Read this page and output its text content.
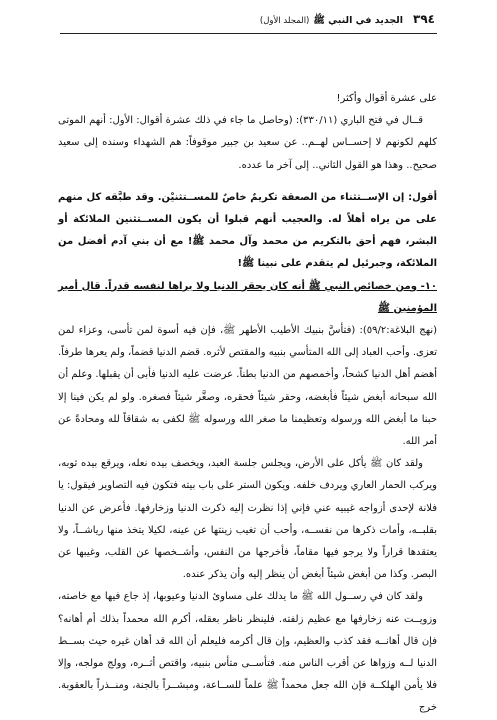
٣٩٤
الجديد في النبي ﷺ
(المجلد الأول)

على عشرة أقوال وأكثر!

قــال في فتح الباري (٣٣٠/١١): (وحاصل ما جاء في ذلك عشرة أقوال: الأول: أنهم الموتى كلهم لكونهم لا إحســاس لهــم.. عن سعيد بن جبير موقوفاً: هم الشهداء وسنده إلى سعيد صحيح.. وهذا هو القول الثاني.. إلى آخر ما عدده.

أقول: إن الإســتثناء من الصعقة تكريمٌ خاصٌ للمســتثنيْن. وقد طبَّقه كل منهم على من يراه أهلاً له. والعجيب أنهم قبلوا أن يكون المســتثنين الملائكة أو البشر، فهم أحق بالتكريم من محمد وآل محمد ﷺ! مع أن بني آدم أفضل من الملائكة، وجبرئيل لم يتقدم على نبينا ﷺ!

١٠- ومن خصائص النبي ﷺ أنه كان يحقر الدنيا ولا يراها لنفسه قدراً. قال أمير المؤمنين ﷺ

(نهج البلاغة:٥٩/٢): (فتأسَّ بنبيك الأطيب الأطهر ﷺ، فإن فيه أسوة لمن تأسى، وعزاء لمن تعزى. وأحب العباد إلى الله المتأسي بنبيه والمقتص لأثره. قضم الدنيا قضماً، ولم يعرها طرفاً. أهضم أهل الدنيا كشحاً، وأخمصهم من الدنيا بطناً. عرضت عليه الدنيا فأبى أن يقبلها. وعلم أن الله سبحانه أبغض شيئاً فأبغضه، وحقر شيئاً فحقره، وصغَّر شيئاً فصغره. ولو لم يكن فينا إلا حبنا ما أبغض الله ورسوله وتعظيمنا ما صغر الله ورسوله ﷺ لكفى به شقاقاً لله ومحادةً عن أمر الله.

ولقد كان ﷺ يأكل على الأرض، ويجلس جلسة العبد، ويخصف بيده نعله، ويرقع بيده ثوبه، ويركب الحمار العاري ويردف خلفه. ويكون الستر على باب بيته فتكون فيه التصاوير فيقول: يا فلانة لإحدى أزواجه غيبيه عني فإني إذا نظرت إليه ذكرت الدنيا وزخارفها. فأعرض عن الدنيا بقلبــه، وأمات ذكرها من نفســه، وأحب أن تغيب زينتها عن عينه، لكيلا يتخذ منها رياشــاً، ولا يعتقدها قراراً ولا يرجو فيها مقاماً، فأخرجها من النفس، وأشــخصها عن القلب، وغيبها عن البصر. وكذا من أبغض شيئاً أبغض أن ينظر إليه وأن يذكر عنده.

ولقد كان في رســول الله ﷺ ما يدلك على مساوئ الدنيا وعيوبها، إذ جاع فيها مع خاصته، وزويــت عنه زخارفها مع عظيم زلفته. فلينظر ناظر بعقله، أكرم الله محمداً بذلك أم أهانه؟ فإن قال أهانــه فقد كذب والعظيم، وإن قال أكرمه فليعلم أن الله قد أهان غيره حيث بســط الدنيا لــه وزواها عن أقرب الناس منه. فتأســى متأس بنبيه، واقتص أثــره، وولج مولجه، وإلا فلا يأمن الهلكــة فإن الله جعل محمداً ﷺ علماً للســاعة، ومبشــراً بالجنة، ومنــذراً بالعقوبة. خرج
